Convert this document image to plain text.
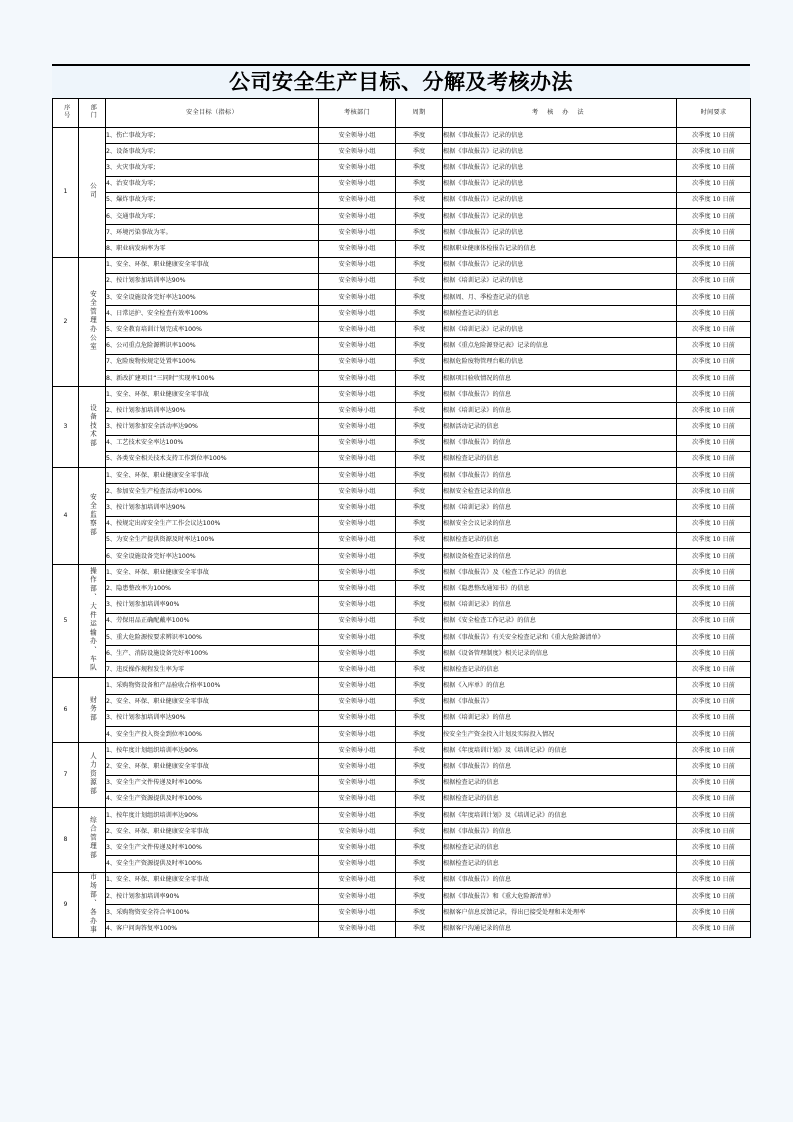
公司安全生产目标、分解及考核办法
序号	部门	安全目标（指标）	考核部门	周期	考 核 办 法	时间要求
1	公司	1、伤亡事故为零;	安全领导小组	季度	根据《事故报告》记录的信息	次季度 10 日前
		2、设备事故为零;	安全领导小组	季度	根据《事故报告》记录的信息	次季度 10 日前
		3、火灾事故为零;	安全领导小组	季度	根据《事故报告》记录的信息	次季度 10 日前
		4、治安事故为零;	安全领导小组	季度	根据《事故报告》记录的信息	次季度 10 日前
		5、爆炸事故为零;	安全领导小组	季度	根据《事故报告》记录的信息	次季度 10 日前
		6、交通事故为零;	安全领导小组	季度	根据《事故报告》记录的信息	次季度 10 日前
		7、环境污染事故为零。	安全领导小组	季度	根据《事故报告》记录的信息	次季度 10 日前
		8、职业病发病率为零	安全领导小组	季度	根据职业健康体检报告记录的信息	次季度 10 日前
2	安全管理办公室	1、安全、环保、职业健康安全零事故	安全领导小组	季度	根据《事故报告》记录的信息	次季度 10 日前
		2、按计划参加培训率达90%	安全领导小组	季度	根据《培训记录》记录的信息	次季度 10 日前
		3、安全设施设备完好率达100%	安全领导小组	季度	根据周、月、季检查记录的信息	次季度 10 日前
		4、日常运护、安全检查有效率100%	安全领导小组	季度	根据检查记录的信息	次季度 10 日前
		5、安全教育培训计划完成率100%	安全领导小组	季度	根据《培训记录》记录的信息	次季度 10 日前
		6、公司重点危险源辨识率100%	安全领导小组	季度	根据《重点危险源登记表》记录的信息	次季度 10 日前
		7、危险废物按规定处置率100%	安全领导小组	季度	根据危险废物管理台帐的信息	次季度 10 日前
		8、新改扩建项目“三同时”实现率100%	安全领导小组	季度	根据项目验收情况的信息	次季度 10 日前
3	设备技术部	1、安全、环保、职业健康安全零事故	安全领导小组	季度	根据《事故报告》的信息	次季度 10 日前
		2、按计划参加培训率达90%	安全领导小组	季度	根据《培训记录》的信息	次季度 10 日前
		3、按计划参加安全活动率达90%	安全领导小组	季度	根据活动记录的信息	次季度 10 日前
		4、工艺技术安全率达100%	安全领导小组	季度	根据《事故报告》的信息	次季度 10 日前
		5、各类安全相关技术支持工作到位率100%	安全领导小组	季度	根据检查记录的信息	次季度 10 日前
4	安全监察部	1、安全、环保、职业健康安全零事故	安全领导小组	季度	根据《事故报告》的信息	次季度 10 日前
		2、参加安全生产检查活动率100%	安全领导小组	季度	根据安全检查记录的信息	次季度 10 日前
		3、按计划参加培训率达90%	安全领导小组	季度	根据《培训记录》的信息	次季度 10 日前
		4、按规定出席安全生产工作会议达100%	安全领导小组	季度	根据安全会议记录的信息	次季度 10 日前
		5、为安全生产提供资源及时率达100%	安全领导小组	季度	根据检查记录的信息	次季度 10 日前
		6、安全设施设备完好率达100%	安全领导小组	季度	根据设备检查记录的信息	次季度 10 日前
5	操作部、大件运输办、车队	1、安全、环保、职业健康安全零事故	安全领导小组	季度	根据《事故报告》及《检查工作记录》的信息	次季度 10 日前
		2、隐患整改率为100%	安全领导小组	季度	根据《隐患整改通知书》的信息	次季度 10 日前
		3、按计划参加培训率90%	安全领导小组	季度	根据《培训记录》的信息	次季度 10 日前
		4、劳保用品正确配戴率100%	安全领导小组	季度	根据《安全检查工作记录》的信息	次季度 10 日前
		5、重大危险源按要求辨识率100%	安全领导小组	季度	根据《事故报告》有关安全检查记录和《重大危险源清单》	次季度 10 日前
		6、生产、消防设施设备完好率100%	安全领导小组	季度	根据《设备管理制度》相关记录的信息	次季度 10 日前
		7、违反操作规程发生率为零	安全领导小组	季度	根据检查记录的信息	次季度 10 日前
6	财务部	1、采购物资设备和产品验收合格率100%	安全领导小组	季度	根据《入库单》的信息	次季度 10 日前
		2、安全、环保、职业健康安全零事故	安全领导小组	季度	根据《事故报告》	次季度 10 日前
		3、按计划参加培训率达90%	安全领导小组	季度	根据《培训记录》的信息	次季度 10 日前
		4、安全生产投入资金到位率100%	安全领导小组	季度	按安全生产资金投入计划及实际投入情况	次季度 10 日前
7	人力资源部	1、按年度计划组织培训率达90%	安全领导小组	季度	根据《年度培训计划》及《培训记录》的信息	次季度 10 日前
		2、安全、环保、职业健康安全零事故	安全领导小组	季度	根据《事故报告》的信息	次季度 10 日前
		3、安全生产文件传递及时率100%	安全领导小组	季度	根据检查记录的信息	次季度 10 日前
		4、安全生产资源提供及时率100%	安全领导小组	季度	根据检查记录的信息	次季度 10 日前
8	综合管理部	1、按年度计划组织培训率达90%	安全领导小组	季度	根据《年度培训计划》及《培训记录》的信息	次季度 10 日前
		2、安全、环保、职业健康安全零事故	安全领导小组	季度	根据《事故报告》的信息	次季度 10 日前
		3、安全生产文件传递及时率100%	安全领导小组	季度	根据检查记录的信息	次季度 10 日前
		4、安全生产资源提供及时率100%	安全领导小组	季度	根据检查记录的信息	次季度 10 日前
9	市场部、各办事	1、安全、环保、职业健康安全零事故	安全领导小组	季度	根据《事故报告》的信息	次季度 10 日前
		2、按计划参加培训率90%	安全领导小组	季度	根据《事故报告》和《重大危险源清单》	次季度 10 日前
		3、采购物资安全符合率100%	安全领导小组	季度	根据客户信息反馈记录，得出已接受处理和未处理率	次季度 10 日前
		4、客户问询答复率100%	安全领导小组	季度	根据客户沟通记录的信息	次季度 10 日前
